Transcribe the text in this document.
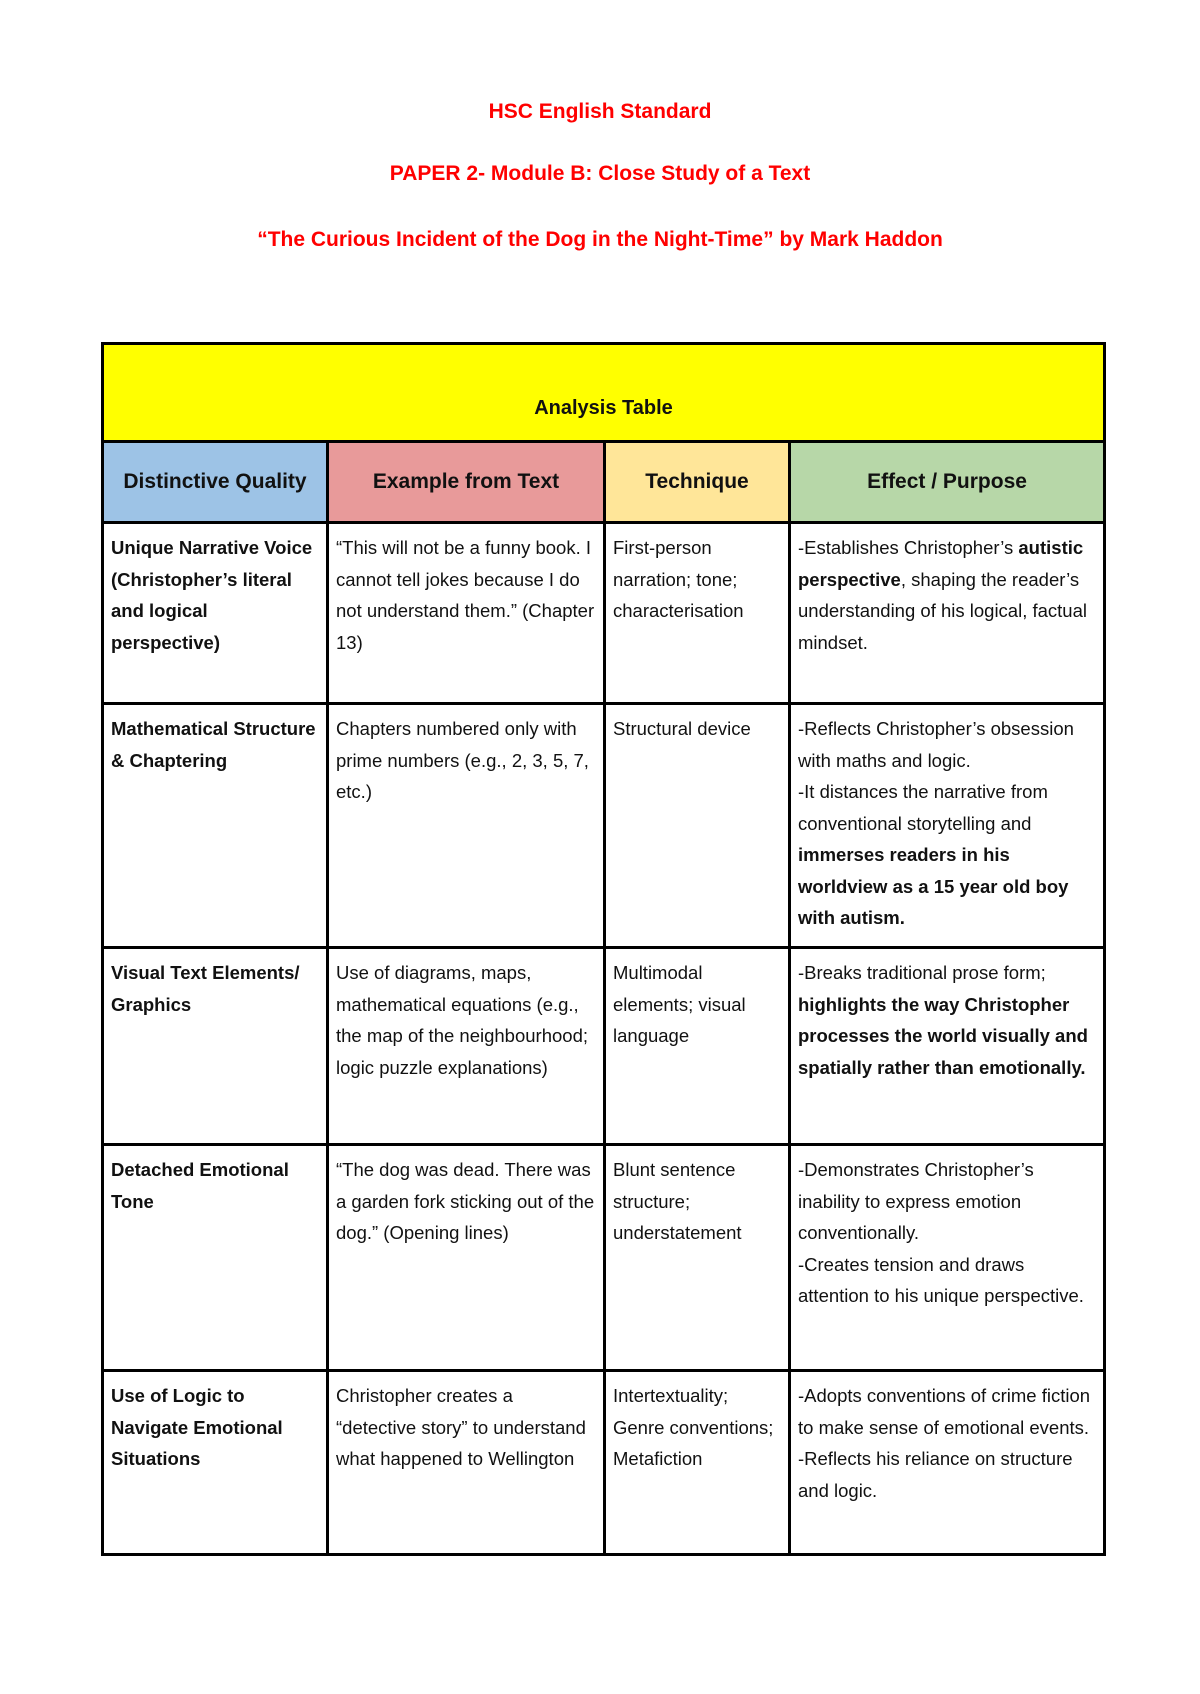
HSC English Standard
PAPER 2- Module B: Close Study of a Text
“The Curious Incident of the Dog in the Night-Time” by Mark Haddon
Analysis Table			
Distinctive Quality	Example from Text	Technique	Effect / Purpose
Unique Narrative Voice (Christopher’s literal and logical perspective)	“This will not be a funny book. I cannot tell jokes because I do not understand them.” (Chapter 13)	First-person narration; tone; characterisation	-Establishes Christopher’s autistic perspective, shaping the reader’s understanding of his logical, factual mindset.
Mathematical Structure & Chaptering	Chapters numbered only with prime numbers (e.g., 2, 3, 5, 7, etc.)	Structural device	-Reflects Christopher’s obsession with maths and logic.
-It distances the narrative from conventional storytelling and immerses readers in his worldview as a 15 year old boy with autism.
Visual Text Elements/ Graphics	Use of diagrams, maps, mathematical equations (e.g., the map of the neighbourhood; logic puzzle explanations)	Multimodal elements; visual language	-Breaks traditional prose form; highlights the way Christopher processes the world visually and spatially rather than emotionally.
Detached Emotional Tone	“The dog was dead. There was a garden fork sticking out of the dog.” (Opening lines)	Blunt sentence structure; understatement	-Demonstrates Christopher’s inability to express emotion conventionally.
-Creates tension and draws attention to his unique perspective.
Use of Logic to Navigate Emotional Situations	Christopher creates a “detective story” to understand what happened to Wellington	Intertextuality; Genre conventions; Metafiction	-Adopts conventions of crime fiction to make sense of emotional events.
-Reflects his reliance on structure and logic.
